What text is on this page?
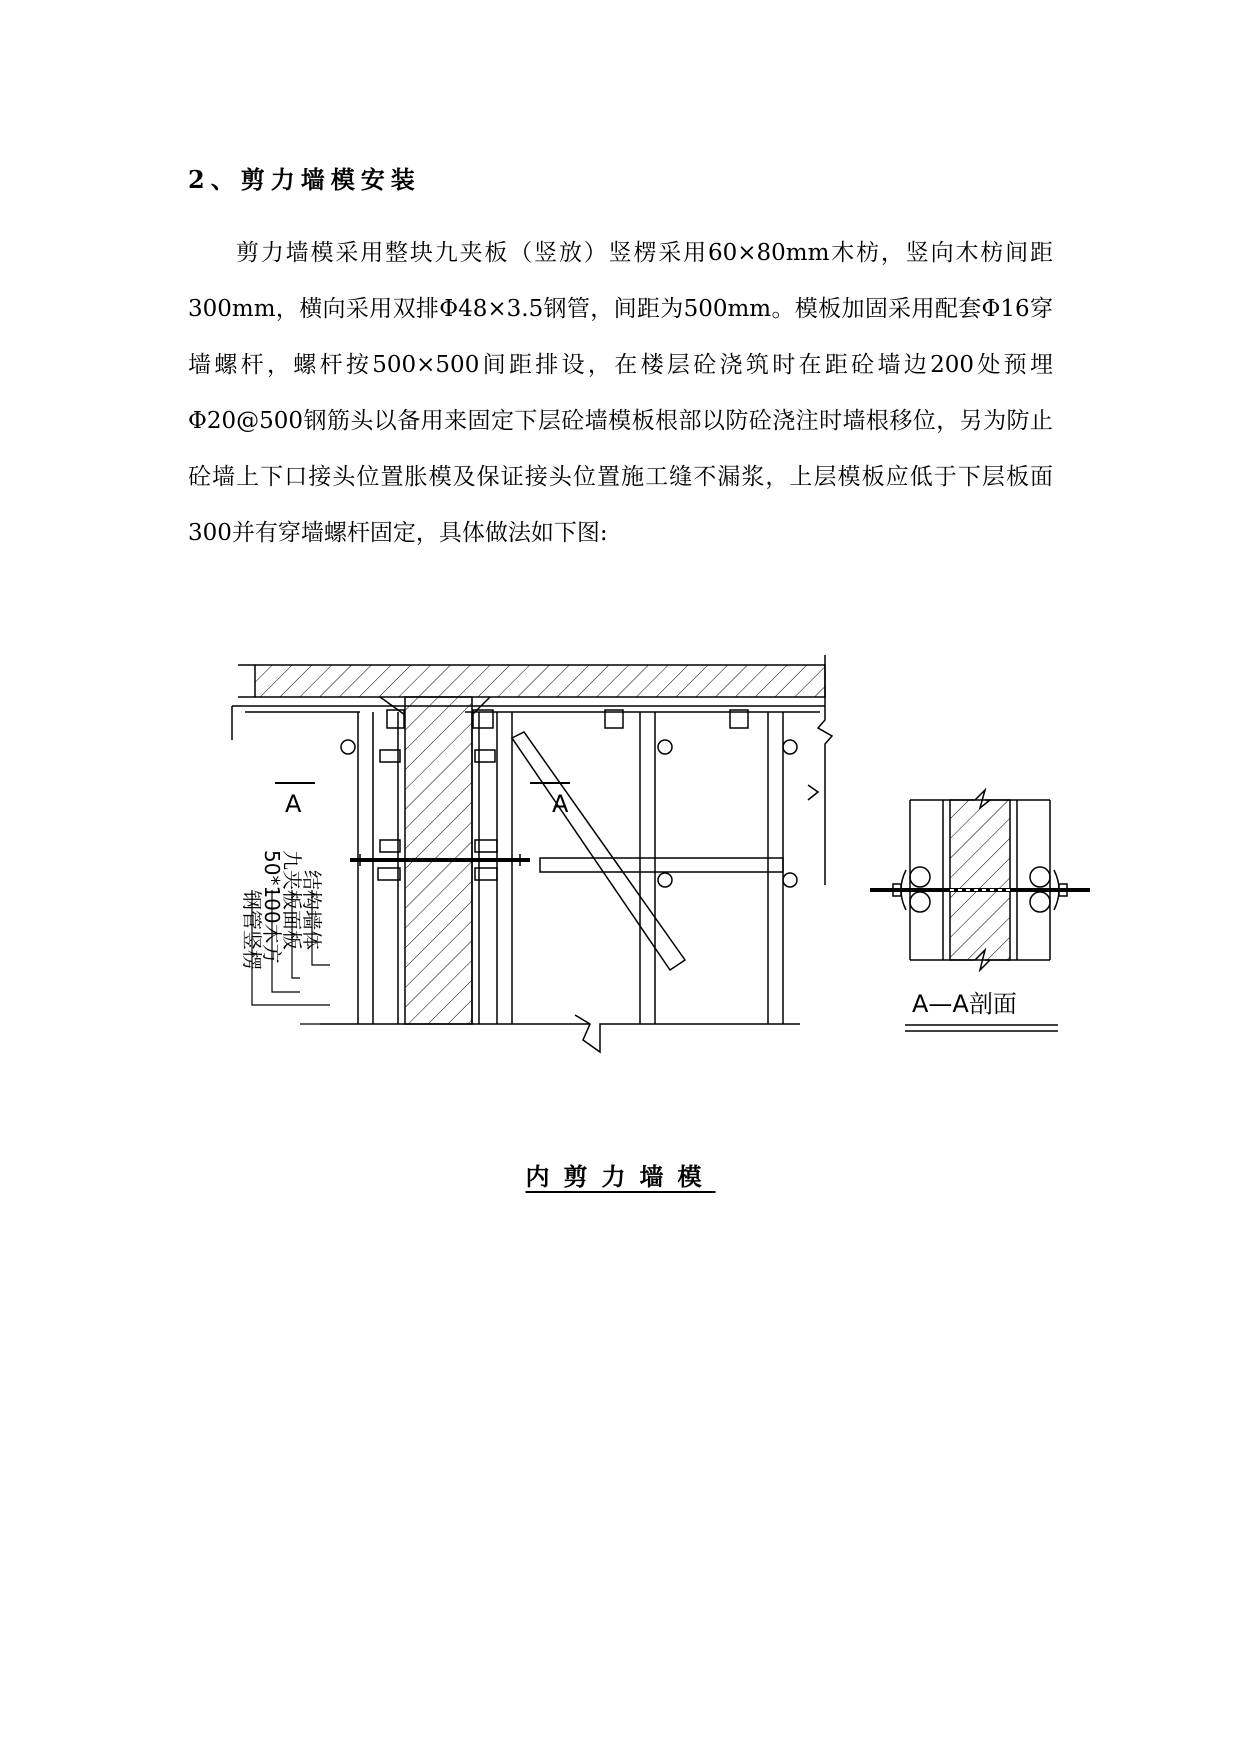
2、剪力墙模安装
剪力墙模采用整块九夹板（竖放）竖楞采用60×80mm木枋，竖向木枋间距300mm，横向采用双排Φ48×3.5钢管，间距为500mm。模板加固采用配套Φ16穿墙螺杆，螺杆按500×500间距排设，在楼层砼浇筑时在距砼墙边200处预埋Φ20@500钢筋头以备用来固定下层砼墙模板根部以防砼浇注时墙根移位，另为防止砼墙上下口接头位置胀模及保证接头位置施工缝不漏浆，上层模板应低于下层板面300并有穿墙螺杆固定，具体做法如下图:
A	A
钢管竖楞
50*100木方
九夹板面板
结构墙体
A—A剖面
内剪力墙模
